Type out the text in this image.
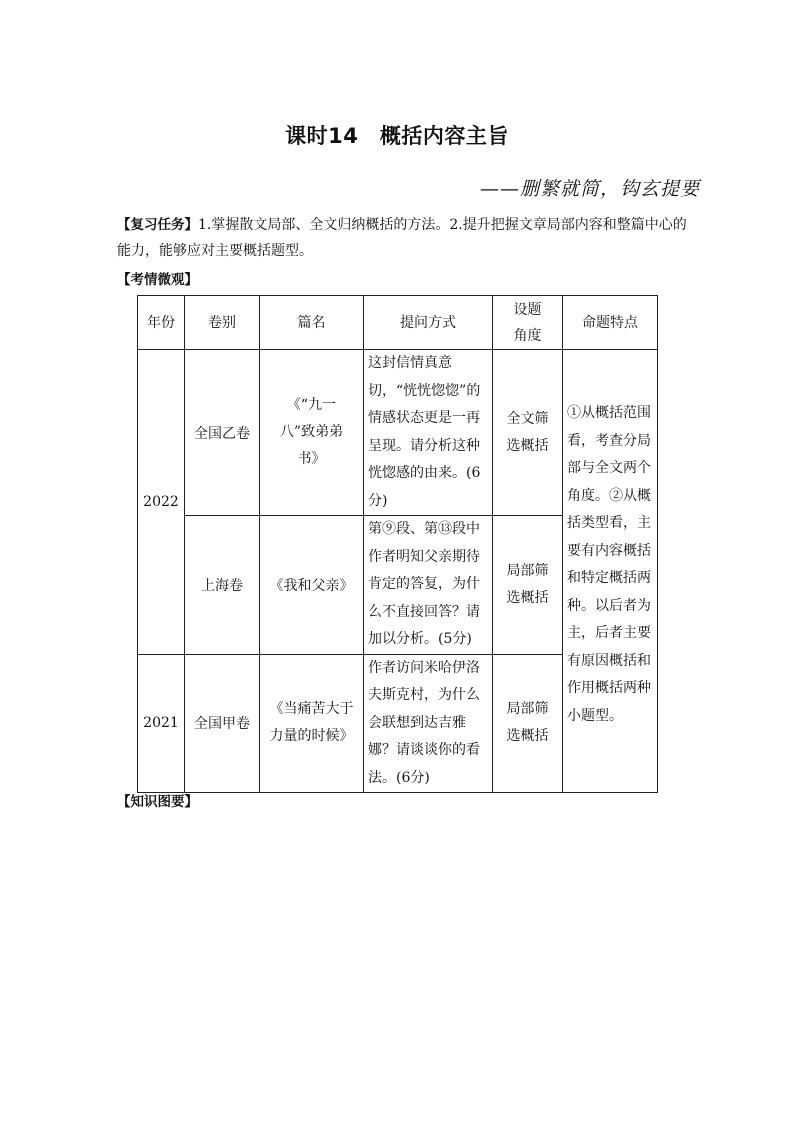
课时14　概括内容主旨
——删繁就简，钩玄提要
【复习任务】1.掌握散文局部、全文归纳概括的方法。2.提升把握文章局部内容和整篇中心的能力，能够应对主要概括题型。
【考情微观】
年份	卷别	篇名	提问方式	设题角度	命题特点
2022	全国乙卷	《“九一八”致弟弟书》	这封信情真意切，“恍恍惚惚”的情感状态更是一再呈现。请分析这种恍惚感的由来。(6分)	全文筛选概括	①从概括范围看，考查分局部与全文两个角度。②从概括类型看，主要有内容概括和特定概括两种。以后者为主，后者主要有原因概括和作用概括两种小题型。

	上海卷	《我和父亲》	第⑨段、第⑬段中作者明知父亲期待肯定的答复，为什么不直接回答？请加以分析。(5分)	局部筛选概括	

2021	全国甲卷	《当痛苦大于力量的时候》	作者访问米哈伊洛夫斯克村，为什么会联想到达吉雅娜？请谈谈你的看法。(6分)	局部筛选概括	
【知识图要】
